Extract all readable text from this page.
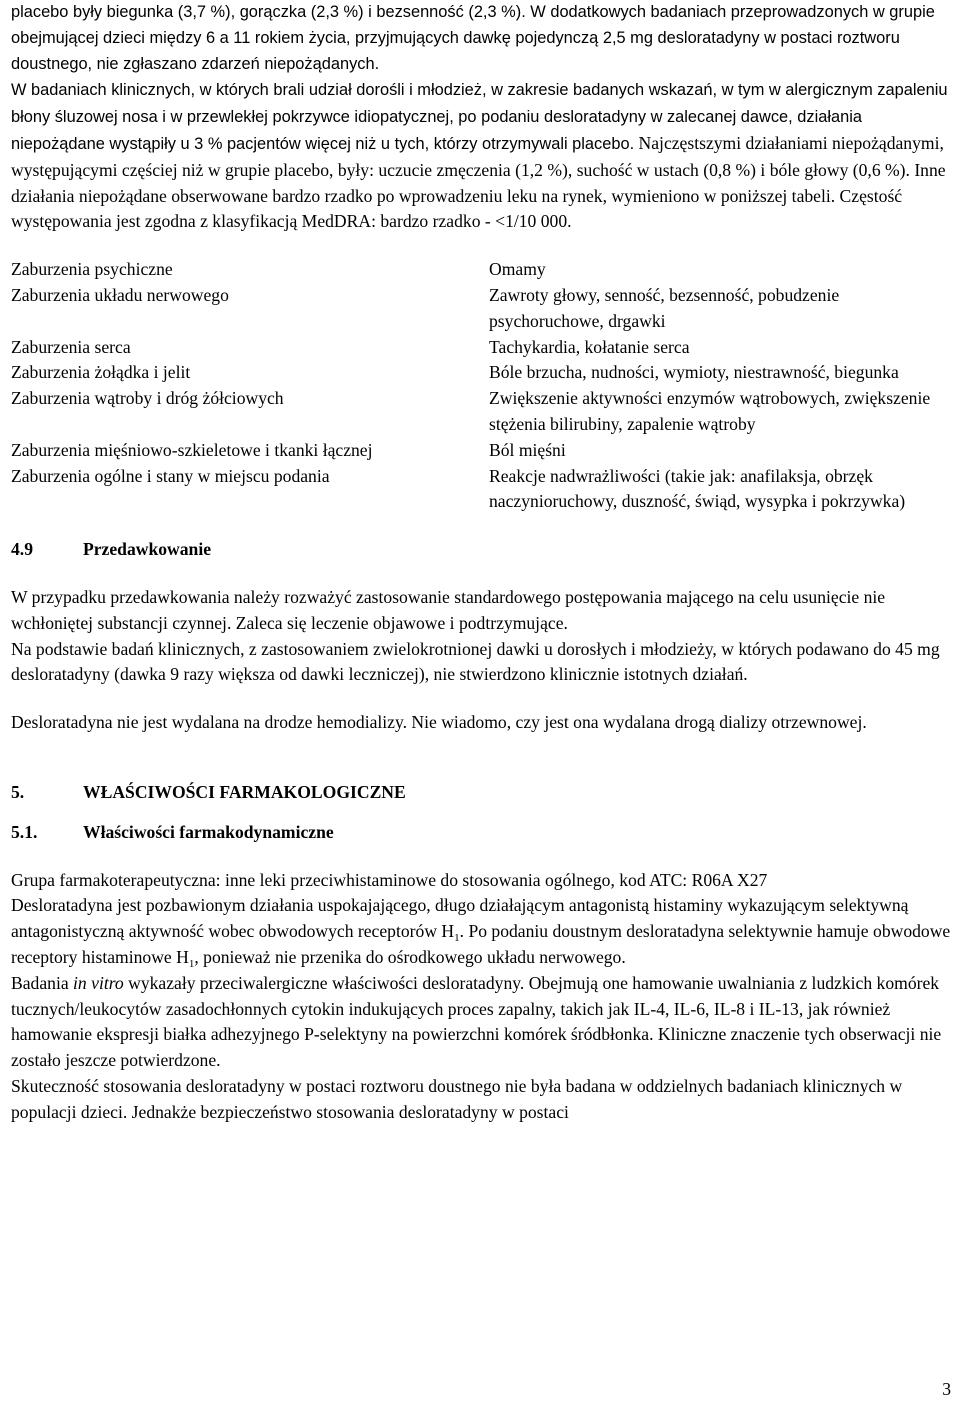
placebo były biegunka (3,7 %), gorączka (2,3 %) i bezsenność (2,3 %). W dodatkowych badaniach przeprowadzonych w grupie obejmującej dzieci między 6 a 11 rokiem życia, przyjmujących dawkę pojedynczą 2,5 mg desloratadyny w postaci roztworu doustnego, nie zgłaszano zdarzeń niepożądanych.

W badaniach klinicznych, w których brali udział dorośli i młodzież, w zakresie badanych wskazań, w tym w alergicznym zapaleniu błony śluzowej nosa i w przewlekłej pokrzywce idiopatycznej, po podaniu desloratadyny w zalecanej dawce, działania niepożądane wystąpiły u 3 % pacjentów więcej niż u tych, którzy otrzymywali placebo. Najczęstszymi działaniami niepożądanymi, występującymi częściej niż w grupie placebo, były: uczucie zmęczenia (1,2 %), suchość w ustach (0,8 %) i bóle głowy (0,6 %). Inne działania niepożądane obserwowane bardzo rzadko po wprowadzeniu leku na rynek, wymieniono w poniższej tabeli. Częstość występowania jest zgodna z klasyfikacją MedDRA: bardzo rzadko - <1/10 000.

Zaburzenia psychiczne	Omamy
Zaburzenia układu nerwowego	Zawroty głowy, senność, bezsenność, pobudzenie psychoruchowe, drgawki
Zaburzenia serca	Tachykardia, kołatanie serca
Zaburzenia żołądka i jelit	Bóle brzucha, nudności, wymioty, niestrawność, biegunka
Zaburzenia wątroby i dróg żółciowych	Zwiększenie aktywności enzymów wątrobowych, zwiększenie stężenia bilirubiny, zapalenie wątroby
Zaburzenia mięśniowo-szkieletowe i tkanki łącznej	Ból mięśni
Zaburzenia ogólne i stany w miejscu podania	Reakcje nadwrażliwości (takie jak: anafilaksja, obrzęk naczynioruchowy, duszność, świąd, wysypka i pokrzywka)
4.9	Przedawkowanie

W przypadku przedawkowania należy rozważyć zastosowanie standardowego postępowania mającego na celu usunięcie nie wchłoniętej substancji czynnej. Zaleca się leczenie objawowe i podtrzymujące.

Na podstawie badań klinicznych, z zastosowaniem zwielokrotnionej dawki u dorosłych i młodzieży, w których podawano do 45 mg desloratadyny (dawka 9 razy większa od dawki leczniczej), nie stwierdzono klinicznie istotnych działań.

Desloratadyna nie jest wydalana na drodze hemodializy. Nie wiadomo, czy jest ona wydalana drogą dializy otrzewnowej.

5.	WŁAŚCIWOŚCI FARMAKOLOGICZNE
5.1.	Właściwości farmakodynamiczne

Grupa farmakoterapeutyczna: inne leki przeciwhistaminowe do stosowania ogólnego, kod ATC: R06A X27

Desloratadyna jest pozbawionym działania uspokajającego, długo działającym antagonistą histaminy wykazującym selektywną antagonistyczną aktywność wobec obwodowych receptorów $H_1$. Po podaniu doustnym desloratadyna selektywnie hamuje obwodowe receptory histaminowe $H_1$, ponieważ nie przenika do ośrodkowego układu nerwowego.

Badania in vitro wykazały przeciwalergiczne właściwości desloratadyny. Obejmują one hamowanie uwalniania z ludzkich komórek tucznych/leukocytów zasadochłonnych cytokin indukujących proces zapalny, takich jak IL-4, IL-6, IL-8 i IL-13, jak również hamowanie ekspresji białka adhezyjnego P-selektyny na powierzchni komórek śródbłonka. Kliniczne znaczenie tych obserwacji nie zostało jeszcze potwierdzone.

Skuteczność stosowania desloratadyny w postaci roztworu doustnego nie była badana w oddzielnych badaniach klinicznych w populacji dzieci. Jednakże bezpieczeństwo stosowania desloratadyny w postaci

3
